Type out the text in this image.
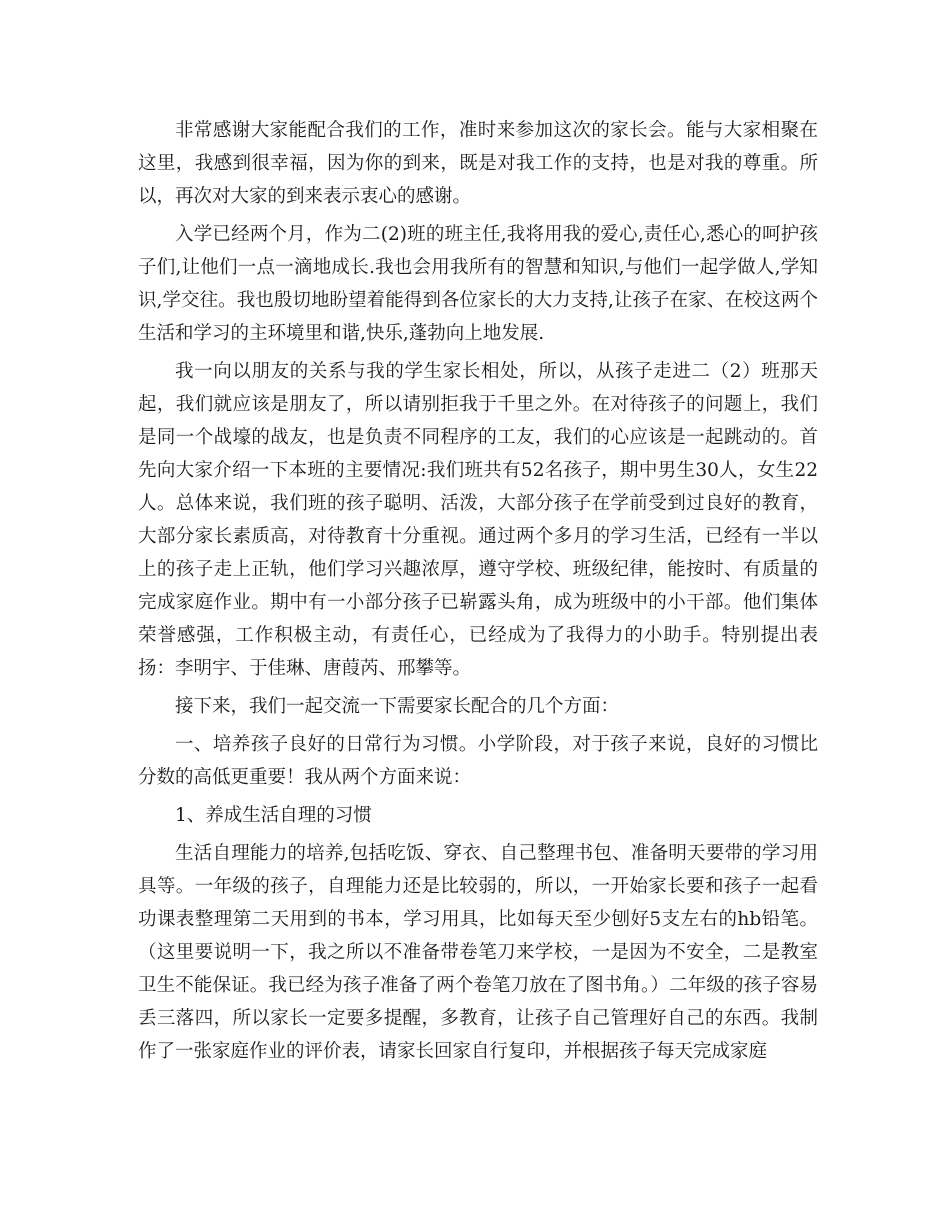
非常感谢大家能配合我们的工作，准时来参加这次的家长会。能与大家相聚在这里，我感到很幸福，因为你的到来，既是对我工作的支持，也是对我的尊重。所以，再次对大家的到来表示衷心的感谢。

入学已经两个月，作为二(2)班的班主任,我将用我的爱心,责任心,悉心的呵护孩子们,让他们一点一滴地成长.我也会用我所有的智慧和知识,与他们一起学做人,学知识,学交往。我也殷切地盼望着能得到各位家长的大力支持,让孩子在家、在校这两个生活和学习的主环境里和谐,快乐,蓬勃向上地发展.

我一向以朋友的关系与我的学生家长相处，所以，从孩子走进二（2）班那天起，我们就应该是朋友了，所以请别拒我于千里之外。在对待孩子的问题上，我们是同一个战壕的战友，也是负责不同程序的工友，我们的心应该是一起跳动的。首先向大家介绍一下本班的主要情况:我们班共有52名孩子，期中男生30人，女生22人。总体来说，我们班的孩子聪明、活泼，大部分孩子在学前受到过良好的教育，大部分家长素质高，对待教育十分重视。通过两个多月的学习生活，已经有一半以上的孩子走上正轨，他们学习兴趣浓厚，遵守学校、班级纪律，能按时、有质量的完成家庭作业。期中有一小部分孩子已崭露头角，成为班级中的小干部。他们集体荣誉感强，工作积极主动，有责任心，已经成为了我得力的小助手。特别提出表扬：李明宇、于佳琳、唐葭芮、邢攀等。

接下来，我们一起交流一下需要家长配合的几个方面：

一、培养孩子良好的日常行为习惯。小学阶段，对于孩子来说，良好的习惯比分数的高低更重要！我从两个方面来说：

1、养成生活自理的习惯

生活自理能力的培养,包括吃饭、穿衣、自己整理书包、准备明天要带的学习用具等。一年级的孩子，自理能力还是比较弱的，所以，一开始家长要和孩子一起看功课表整理第二天用到的书本，学习用具，比如每天至少刨好5支左右的hb铅笔。（这里要说明一下，我之所以不准备带卷笔刀来学校，一是因为不安全，二是教室卫生不能保证。我已经为孩子准备了两个卷笔刀放在了图书角。）二年级的孩子容易丢三落四，所以家长一定要多提醒，多教育，让孩子自己管理好自己的东西。我制作了一张家庭作业的评价表，请家长回家自行复印，并根据孩子每天完成家庭
